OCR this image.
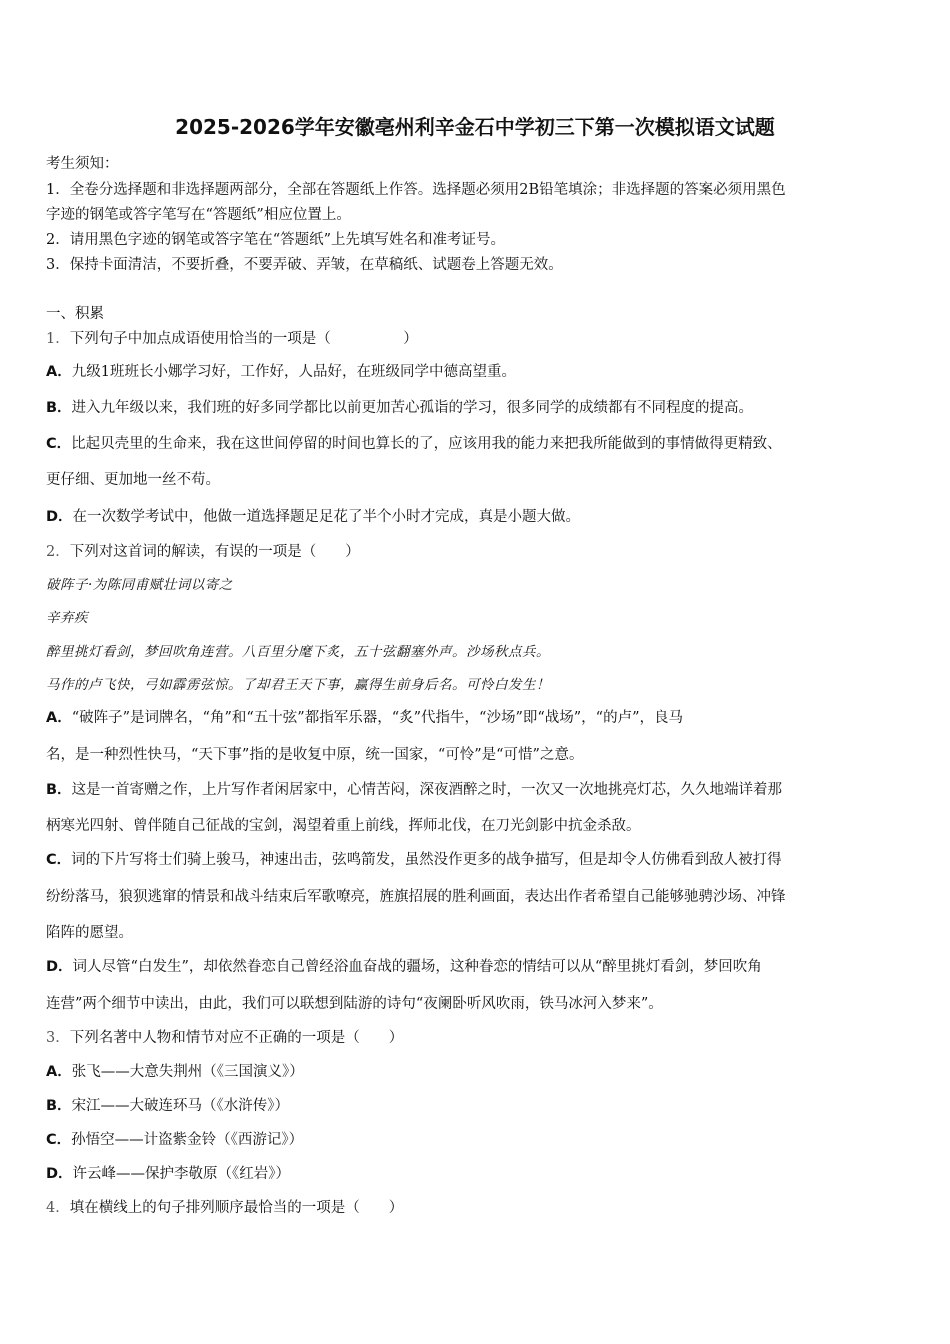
2025-2026学年安徽亳州利辛金石中学初三下第一次模拟语文试题

考生须知：

1．全卷分选择题和非选择题两部分，全部在答题纸上作答。选择题必须用2B铅笔填涂；非选择题的答案必须用黑色

字迹的钢笔或答字笔写在“答题纸”相应位置上。

2．请用黑色字迹的钢笔或答字笔在“答题纸”上先填写姓名和准考证号。

3．保持卡面清洁，不要折叠，不要弄破、弄皱，在草稿纸、试题卷上答题无效。

一、积累

1．下列句子中加点成语使用恰当的一项是（　　　　　）

A．九级1班班长小娜学习好，工作好，人品好，在班级同学中德高望重。

B．进入九年级以来，我们班的好多同学都比以前更加苦心孤诣的学习，很多同学的成绩都有不同程度的提高。

C．比起贝壳里的生命来，我在这世间停留的时间也算长的了，应该用我的能力来把我所能做到的事情做得更精致、

更仔细、更加地一丝不苟。

D．在一次数学考试中，他做一道选择题足足花了半个小时才完成，真是小题大做。

2．下列对这首词的解读，有误的一项是（　　）

破阵子·为陈同甫赋壮词以寄之

辛弃疾

醉里挑灯看剑，梦回吹角连营。八百里分麾下炙，五十弦翻塞外声。沙场秋点兵。

马作的卢飞快，弓如霹雳弦惊。了却君王天下事，赢得生前身后名。可怜白发生！

A．“破阵子”是词牌名，“角”和“五十弦”都指军乐器，“炙”代指牛，“沙场”即“战场”，“的卢”，良马

名，是一种烈性快马，“天下事”指的是收复中原，统一国家，“可怜”是“可惜”之意。

B．这是一首寄赠之作，上片写作者闲居家中，心情苦闷，深夜酒醉之时，一次又一次地挑亮灯芯，久久地端详着那

柄寒光四射、曾伴随自己征战的宝剑，渴望着重上前线，挥师北伐，在刀光剑影中抗金杀敌。

C．词的下片写将士们骑上骏马，神速出击，弦鸣箭发，虽然没作更多的战争描写，但是却令人仿佛看到敌人被打得

纷纷落马，狼狈逃窜的情景和战斗结束后军歌嘹亮，旌旗招展的胜利画面，表达出作者希望自己能够驰骋沙场、冲锋

陷阵的愿望。

D．词人尽管“白发生”，却依然眷恋自己曾经浴血奋战的疆场，这种眷恋的情结可以从“醉里挑灯看剑，梦回吹角

连营”两个细节中读出，由此，我们可以联想到陆游的诗句“夜阑卧听风吹雨，铁马冰河入梦来”。

3．下列名著中人物和情节对应不正确的一项是（　　）

A．张飞——大意失荆州（《三国演义》）

B．宋江——大破连环马（《水浒传》）

C．孙悟空——计盗紫金铃（《西游记》）

D．许云峰——保护李敬原（《红岩》）

4．填在横线上的句子排列顺序最恰当的一项是（　　）
